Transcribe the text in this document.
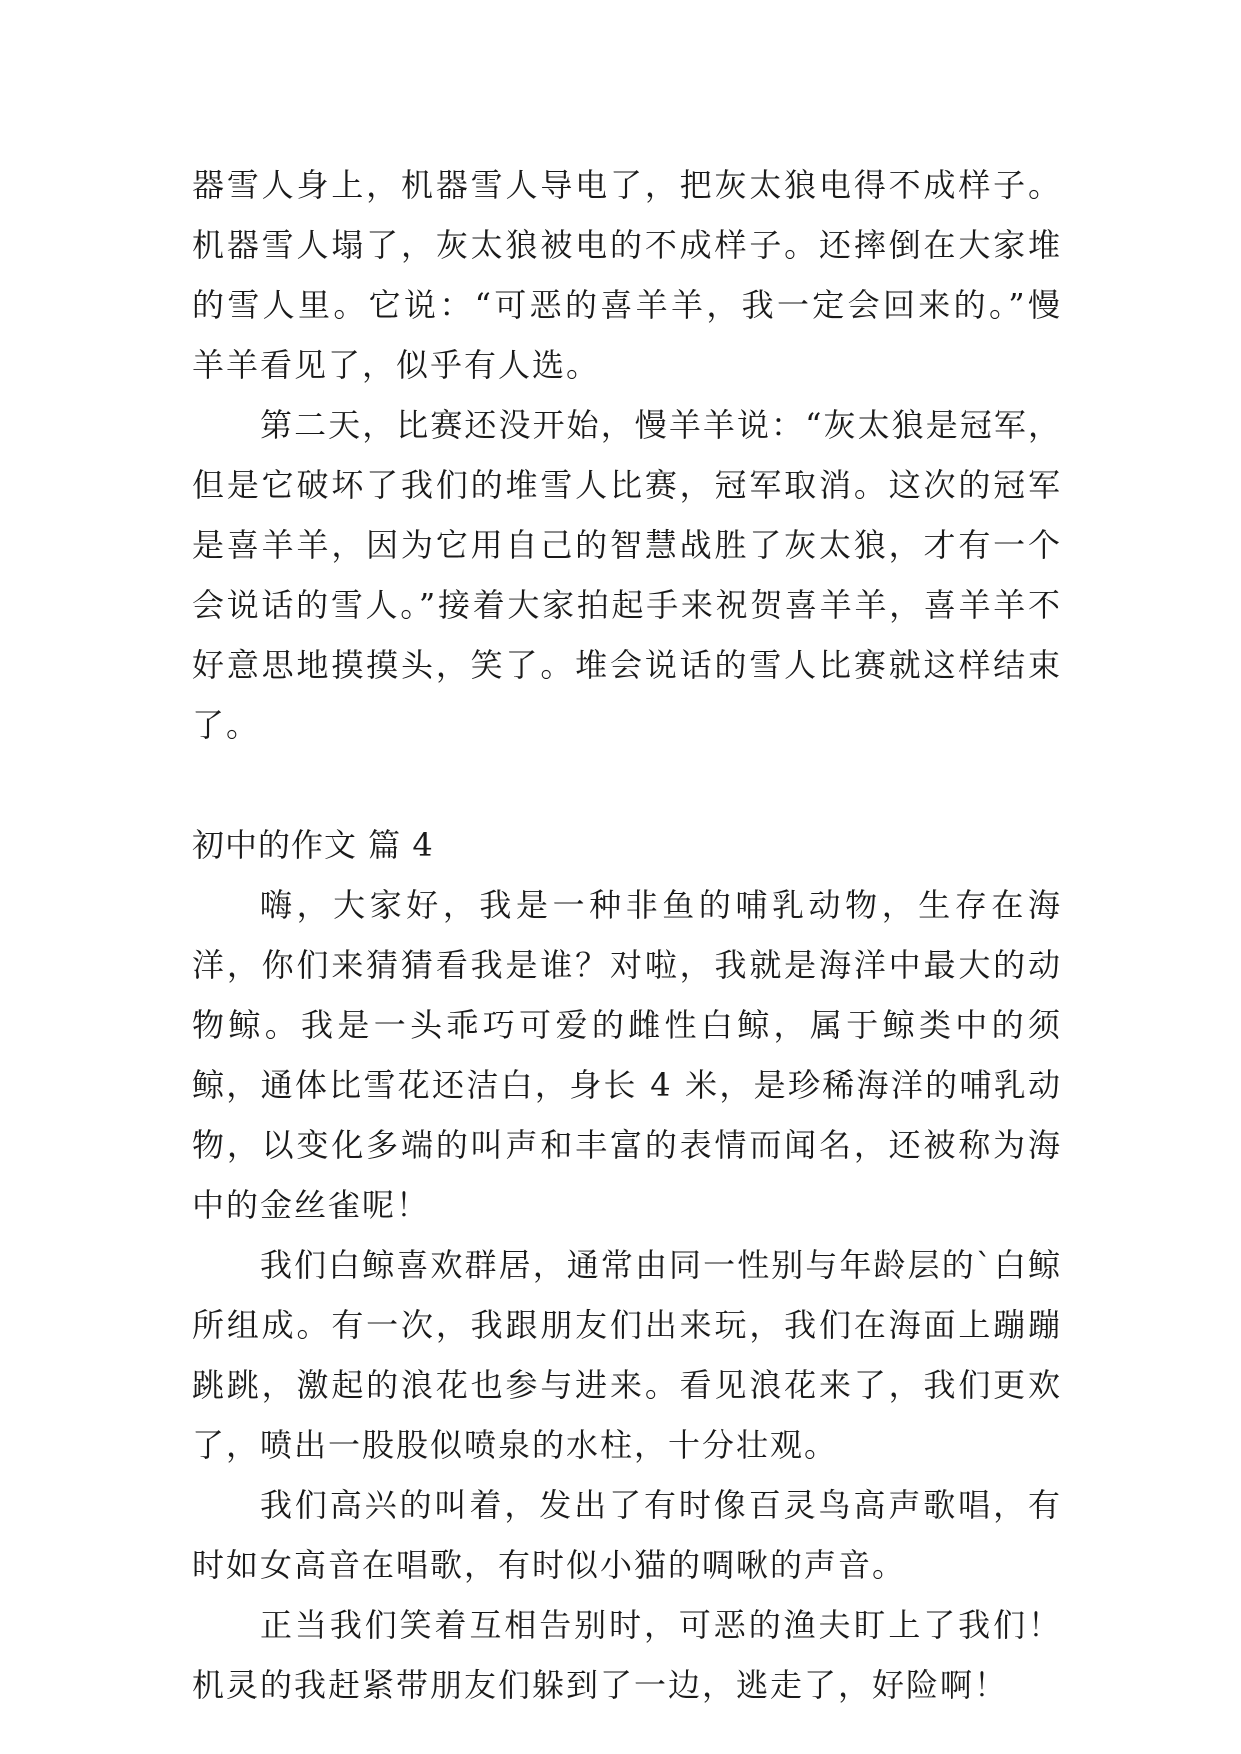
器雪人身上，机器雪人导电了，把灰太狼电得不成样子。机器雪人塌了，灰太狼被电的不成样子。还摔倒在大家堆的雪人里。它说：“可恶的喜羊羊，我一定会回来的。”慢羊羊看见了，似乎有人选。

第二天，比赛还没开始，慢羊羊说：“灰太狼是冠军，但是它破坏了我们的堆雪人比赛，冠军取消。这次的冠军是喜羊羊，因为它用自己的智慧战胜了灰太狼，才有一个会说话的雪人。”接着大家拍起手来祝贺喜羊羊，喜羊羊不好意思地摸摸头，笑了。堆会说话的雪人比赛就这样结束了。

初中的作文 篇 4

嗨，大家好，我是一种非鱼的哺乳动物，生存在海洋，你们来猜猜看我是谁？对啦，我就是海洋中最大的动物鲸。我是一头乖巧可爱的雌性白鲸，属于鲸类中的须鲸，通体比雪花还洁白，身长 4 米，是珍稀海洋的哺乳动物，以变化多端的叫声和丰富的表情而闻名，还被称为海中的金丝雀呢！

我们白鲸喜欢群居，通常由同一性别与年龄层的`白鲸所组成。有一次，我跟朋友们出来玩，我们在海面上蹦蹦跳跳，激起的浪花也参与进来。看见浪花来了，我们更欢了，喷出一股股似喷泉的水柱，十分壮观。

我们高兴的叫着，发出了有时像百灵鸟高声歌唱，有时如女高音在唱歌，有时似小猫的啁啾的声音。

正当我们笑着互相告别时，可恶的渔夫盯上了我们！机灵的我赶紧带朋友们躲到了一边，逃走了，好险啊！
